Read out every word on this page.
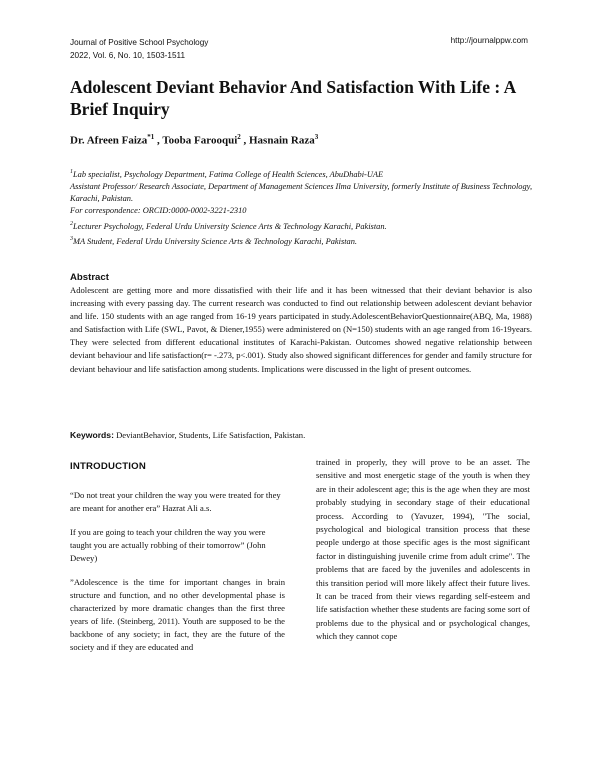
Journal of Positive School Psychology
2022, Vol. 6, No. 10, 1503-1511
http://journalppw.com
Adolescent Deviant Behavior And Satisfaction With Life : A Brief Inquiry
Dr. Afreen Faiza$^{*1}$ , Tooba Farooqui$^2$ , Hasnain Raza$^3$

$^1$Lab specialist, Psychology Department, Fatima College of Health Sciences, AbuDhabi-UAE

Assistant Professor/ Research Associate, Department of Management Sciences Ilma University, formerly Institute of Business Technology, Karachi, Pakistan.

For correspondence: ORCID:0000-0002-3221-2310

$^2$Lecturer Psychology, Federal Urdu University Science Arts & Technology Karachi, Pakistan.

$^3$MA Student, Federal Urdu University Science Arts & Technology Karachi, Pakistan.

Abstract

Adolescent are getting more and more dissatisfied with their life and it has been witnessed that their deviant behavior is also increasing with every passing day. The current research was conducted to find out relationship between adolescent deviant behavior and life. 150 students with an age ranged from 16-19 years participated in study.AdolescentBehaviorQuestionnaire(ABQ, Ma, 1988) and Satisfaction with Life (SWL, Pavot, & Diener,1955) were administered on (N=150) students with an age ranged from 16-19years. They were selected from different educational institutes of Karachi-Pakistan. Outcomes showed negative relationship between deviant behaviour and life satisfaction(r= -.273, p<.001). Study also showed significant differences for gender and family structure for deviant behaviour and life satisfaction among students. Implications were discussed in the light of present outcomes.

Keywords: DeviantBehavior, Students, Life Satisfaction, Pakistan.
INTRODUCTION

“Do not treat your children the way you were treated for they are meant for another era” Hazrat Ali a.s.

If you are going to teach your children the way you were taught you are actually robbing of their tomorrow” (John Dewey)

”Adolescence is the time for important changes in brain structure and function, and no other developmental phase is characterized by more dramatic changes than the first three years of life. (Steinberg, 2011). Youth are supposed to be the backbone of any society; in fact, they are the future of the society and if they are educated and

trained in properly, they will prove to be an asset. The sensitive and most energetic stage of the youth is when they are in their adolescent age; this is the age when they are most probably studying in secondary stage of their educational process. According to (Yavuzer, 1994), "The social, psychological and biological transition process that these people undergo at those specific ages is the most significant factor in distinguishing juvenile crime from adult crime". The problems that are faced by the juveniles and adolescents in this transition period will more likely affect their future lives. It can be traced from their views regarding self-esteem and life satisfaction whether these students are facing some sort of problems due to the physical and or psychological changes, which they cannot cope
